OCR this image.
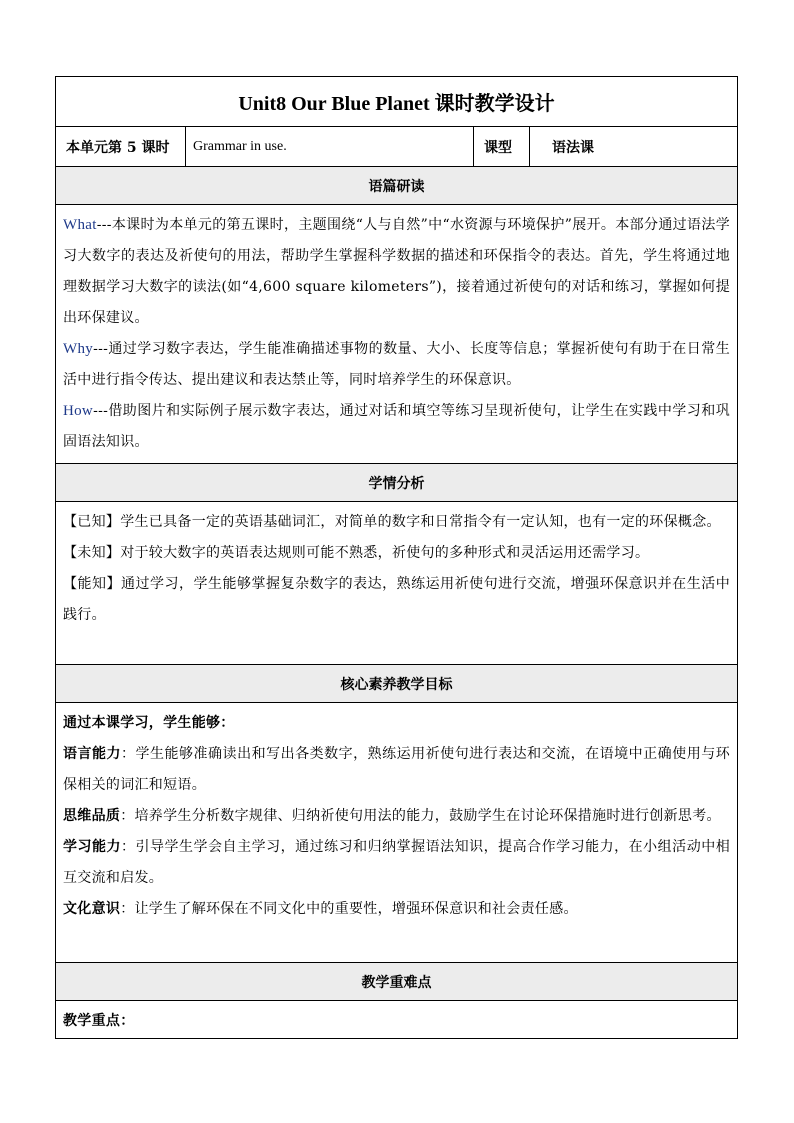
Unit8 Our Blue Planet 课时教学设计
本单元第 5 课时	Grammar in use.	课型	语法课
语篇研读

What---本课时为本单元的第五课时，主题围绕“人与自然”中“水资源与环境保护”展开。本部分通过语法学习大数字的表达及祈使句的用法，帮助学生掌握科学数据的描述和环保指令的表达。首先，学生将通过地理数据学习大数字的读法(如“4,600 square kilometers”)，接着通过祈使句的对话和练习，掌握如何提出环保建议。

Why---通过学习数字表达，学生能准确描述事物的数量、大小、长度等信息；掌握祈使句有助于在日常生活中进行指令传达、提出建议和表达禁止等，同时培养学生的环保意识。

How---借助图片和实际例子展示数字表达，通过对话和填空等练习呈现祈使句，让学生在实践中学习和巩固语法知识。

学情分析

【已知】学生已具备一定的英语基础词汇，对简单的数字和日常指令有一定认知，也有一定的环保概念。

【未知】对于较大数字的英语表达规则可能不熟悉，祈使句的多种形式和灵活运用还需学习。

【能知】通过学习，学生能够掌握复杂数字的表达，熟练运用祈使句进行交流，增强环保意识并在生活中践行。

核心素养教学目标

通过本课学习，学生能够：

语言能力：学生能够准确读出和写出各类数字，熟练运用祈使句进行表达和交流，在语境中正确使用与环保相关的词汇和短语。

思维品质：培养学生分析数字规律、归纳祈使句用法的能力，鼓励学生在讨论环保措施时进行创新思考。

学习能力：引导学生学会自主学习，通过练习和归纳掌握语法知识，提高合作学习能力，在小组活动中相互交流和启发。

文化意识：让学生了解环保在不同文化中的重要性，增强环保意识和社会责任感。

教学重难点

教学重点：
